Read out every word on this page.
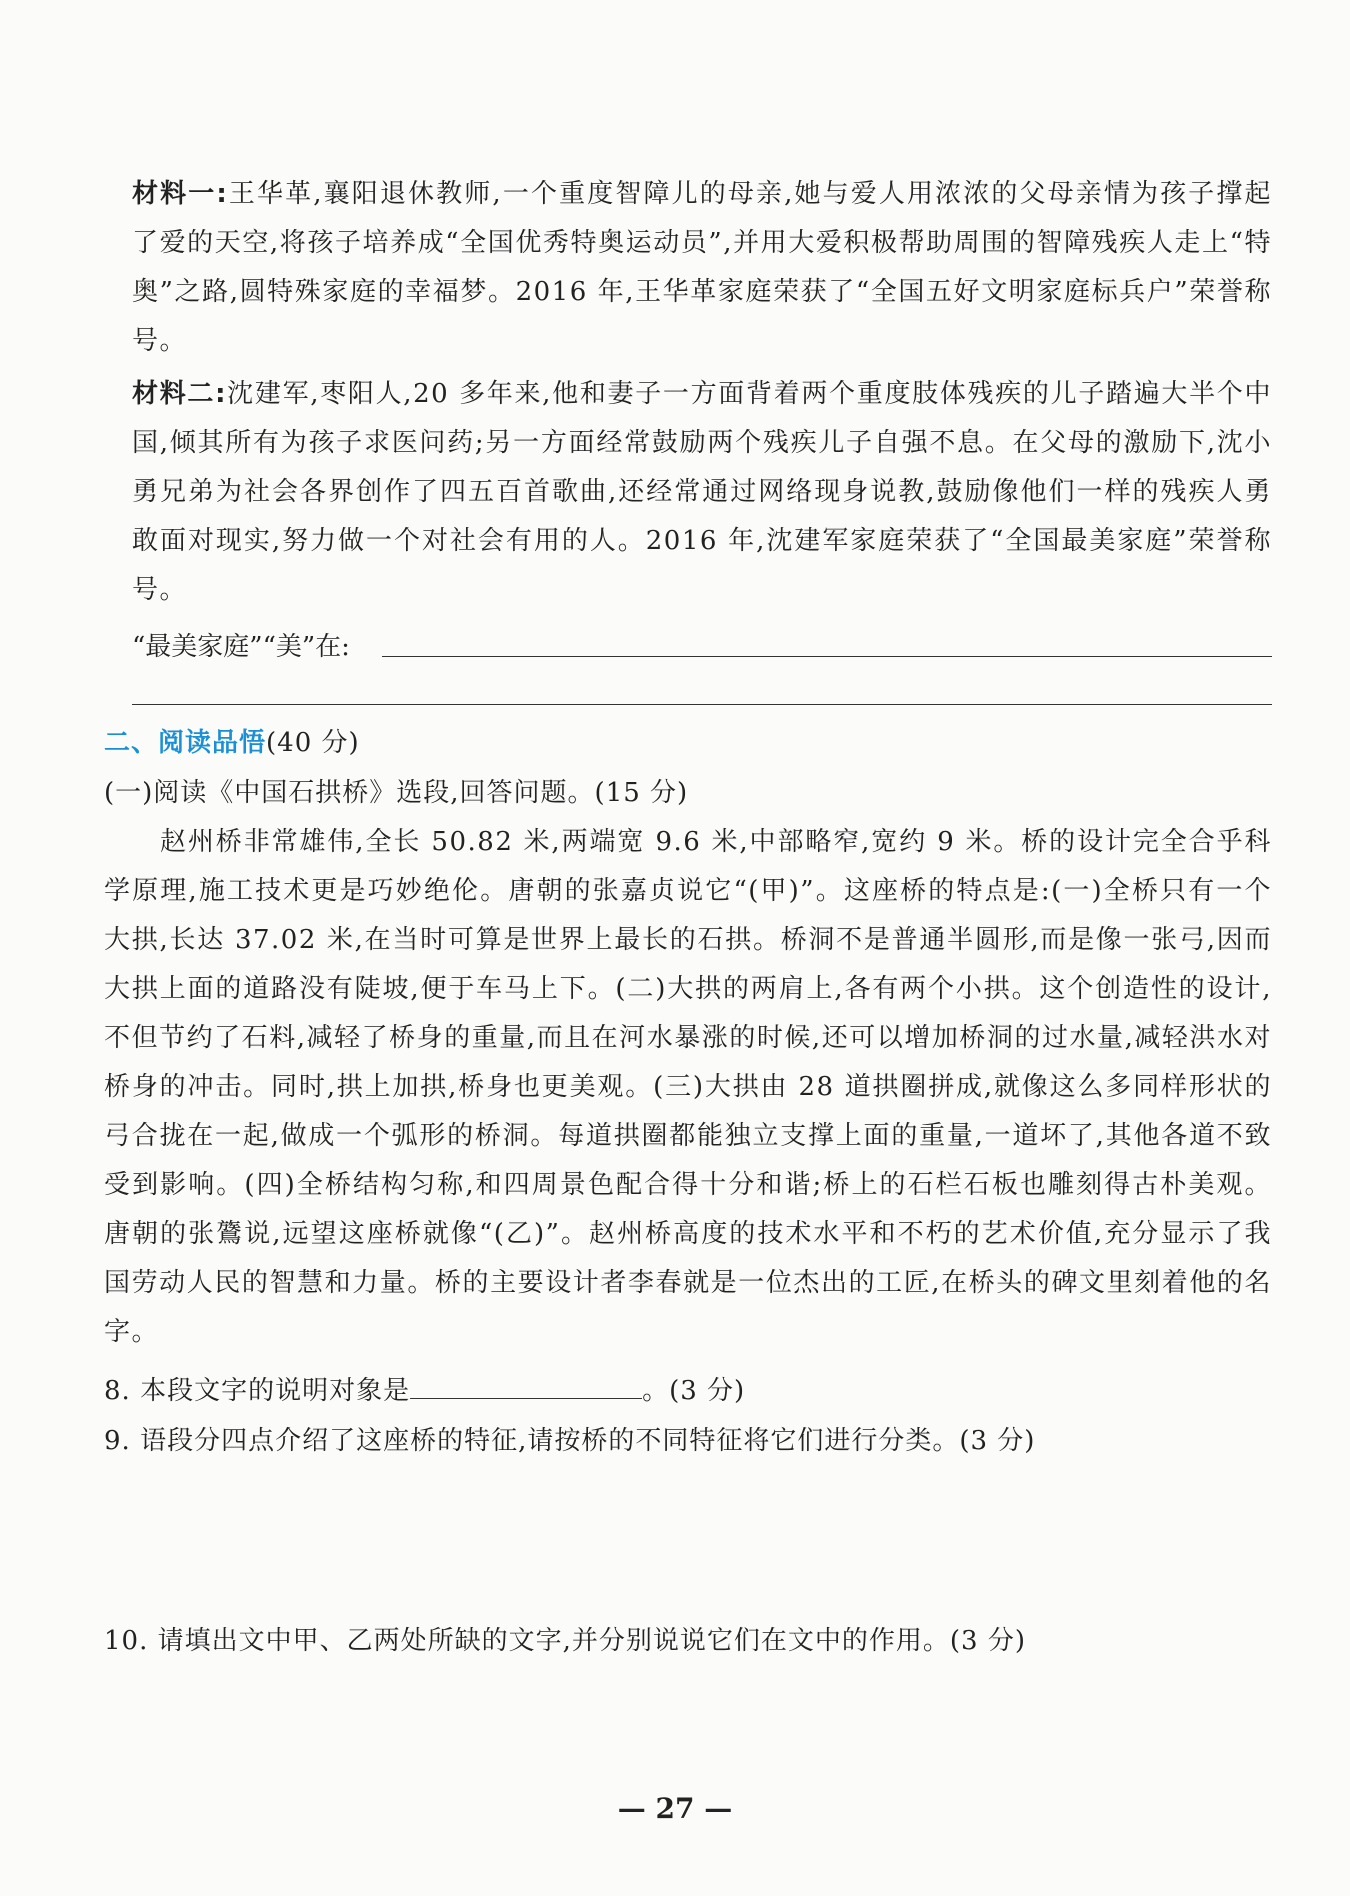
材料一:王华革,襄阳退休教师,一个重度智障儿的母亲,她与爱人用浓浓的父母亲情为孩子撑起了爱的天空,将孩子培养成“全国优秀特奥运动员”,并用大爱积极帮助周围的智障残疾人走上“特奥”之路,圆特殊家庭的幸福梦。2016 年,王华革家庭荣获了“全国五好文明家庭标兵户”荣誉称号。

材料二:沈建军,枣阳人,20 多年来,他和妻子一方面背着两个重度肢体残疾的儿子踏遍大半个中国,倾其所有为孩子求医问药;另一方面经常鼓励两个残疾儿子自强不息。在父母的激励下,沈小勇兄弟为社会各界创作了四五百首歌曲,还经常通过网络现身说教,鼓励像他们一样的残疾人勇敢面对现实,努力做一个对社会有用的人。2016 年,沈建军家庭荣获了“全国最美家庭”荣誉称号。

“最美家庭”“美”在:
二、阅读品悟(40 分)
(一)阅读《中国石拱桥》选段,回答问题。(15 分)

赵州桥非常雄伟,全长 50.82 米,两端宽 9.6 米,中部略窄,宽约 9 米。桥的设计完全合乎科学原理,施工技术更是巧妙绝伦。唐朝的张嘉贞说它“(甲)”。这座桥的特点是:(一)全桥只有一个大拱,长达 37.02 米,在当时可算是世界上最长的石拱。桥洞不是普通半圆形,而是像一张弓,因而大拱上面的道路没有陡坡,便于车马上下。(二)大拱的两肩上,各有两个小拱。这个创造性的设计,不但节约了石料,减轻了桥身的重量,而且在河水暴涨的时候,还可以增加桥洞的过水量,减轻洪水对桥身的冲击。同时,拱上加拱,桥身也更美观。(三)大拱由 28 道拱圈拼成,就像这么多同样形状的弓合拢在一起,做成一个弧形的桥洞。每道拱圈都能独立支撑上面的重量,一道坏了,其他各道不致受到影响。(四)全桥结构匀称,和四周景色配合得十分和谐;桥上的石栏石板也雕刻得古朴美观。唐朝的张鷟说,远望这座桥就像“(乙)”。赵州桥高度的技术水平和不朽的艺术价值,充分显示了我国劳动人民的智慧和力量。桥的主要设计者李春就是一位杰出的工匠,在桥头的碑文里刻着他的名字。

8. 本段文字的说明对象是	。(3 分)
9. 语段分四点介绍了这座桥的特征,请按桥的不同特征将它们进行分类。(3 分)
10. 请填出文中甲、乙两处所缺的文字,并分别说说它们在文中的作用。(3 分)
— 27 —
